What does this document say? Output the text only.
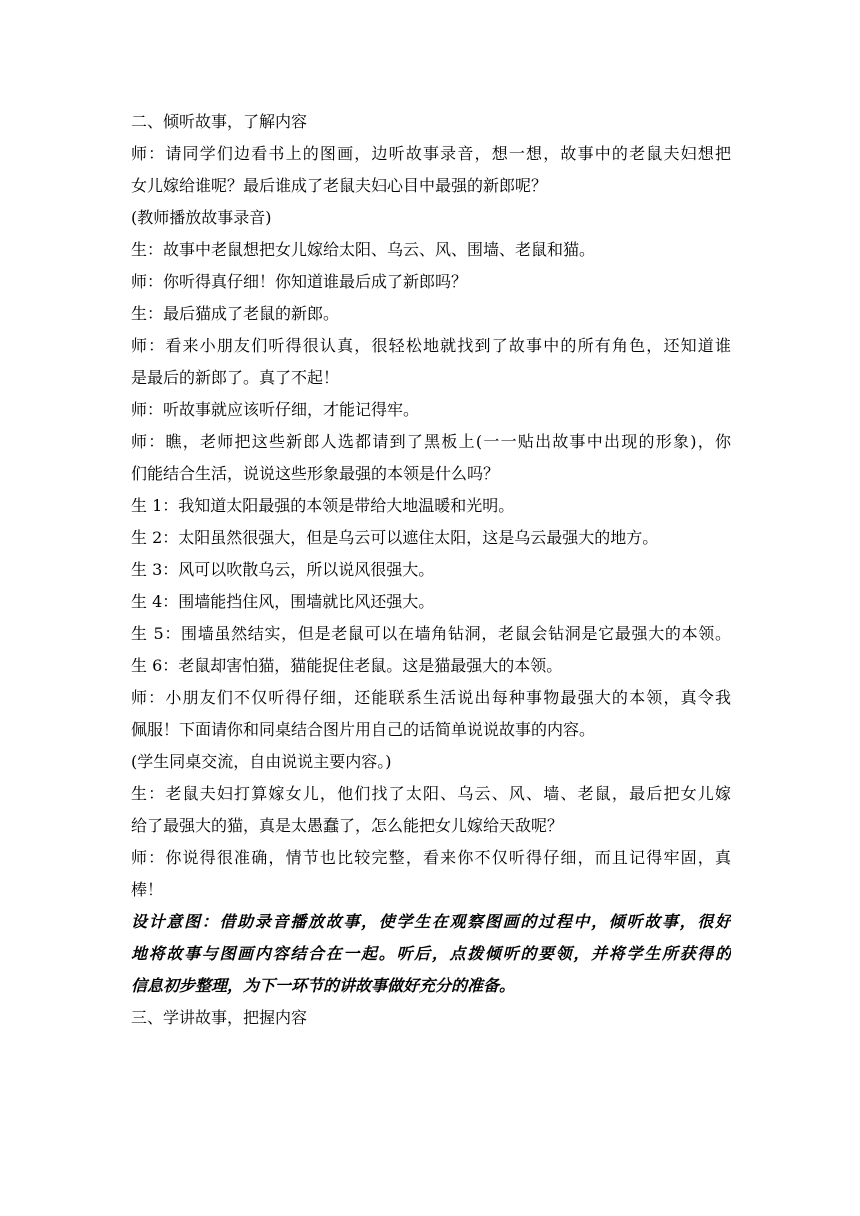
二、倾听故事，了解内容
师：请同学们边看书上的图画，边听故事录音，想一想，故事中的老鼠夫妇想把
女儿嫁给谁呢？最后谁成了老鼠夫妇心目中最强的新郎呢？
(教师播放故事录音)
生：故事中老鼠想把女儿嫁给太阳、乌云、风、围墙、老鼠和猫。
师：你听得真仔细！你知道谁最后成了新郎吗？
生：最后猫成了老鼠的新郎。
师：看来小朋友们听得很认真，很轻松地就找到了故事中的所有角色，还知道谁
是最后的新郎了。真了不起！
师：听故事就应该听仔细，才能记得牢。
师：瞧，老师把这些新郎人选都请到了黑板上(一一贴出故事中出现的形象)，你
们能结合生活，说说这些形象最强的本领是什么吗？
生 1：我知道太阳最强的本领是带给大地温暖和光明。
生 2：太阳虽然很强大，但是乌云可以遮住太阳，这是乌云最强大的地方。
生 3：风可以吹散乌云，所以说风很强大。
生 4：围墙能挡住风，围墙就比风还强大。
生 5：围墙虽然结实，但是老鼠可以在墙角钻洞，老鼠会钻洞是它最强大的本领。
生 6：老鼠却害怕猫，猫能捉住老鼠。这是猫最强大的本领。
师：小朋友们不仅听得仔细，还能联系生活说出每种事物最强大的本领，真令我
佩服！下面请你和同桌结合图片用自己的话简单说说故事的内容。
(学生同桌交流，自由说说主要内容。)
生：老鼠夫妇打算嫁女儿，他们找了太阳、乌云、风、墙、老鼠，最后把女儿嫁
给了最强大的猫，真是太愚蠢了，怎么能把女儿嫁给天敌呢？
师：你说得很准确，情节也比较完整，看来你不仅听得仔细，而且记得牢固，真
棒！
设计意图：借助录音播放故事，使学生在观察图画的过程中，倾听故事，很好
地将故事与图画内容结合在一起。听后，点拨倾听的要领，并将学生所获得的
信息初步整理，为下一环节的讲故事做好充分的准备。
三、学讲故事，把握内容
